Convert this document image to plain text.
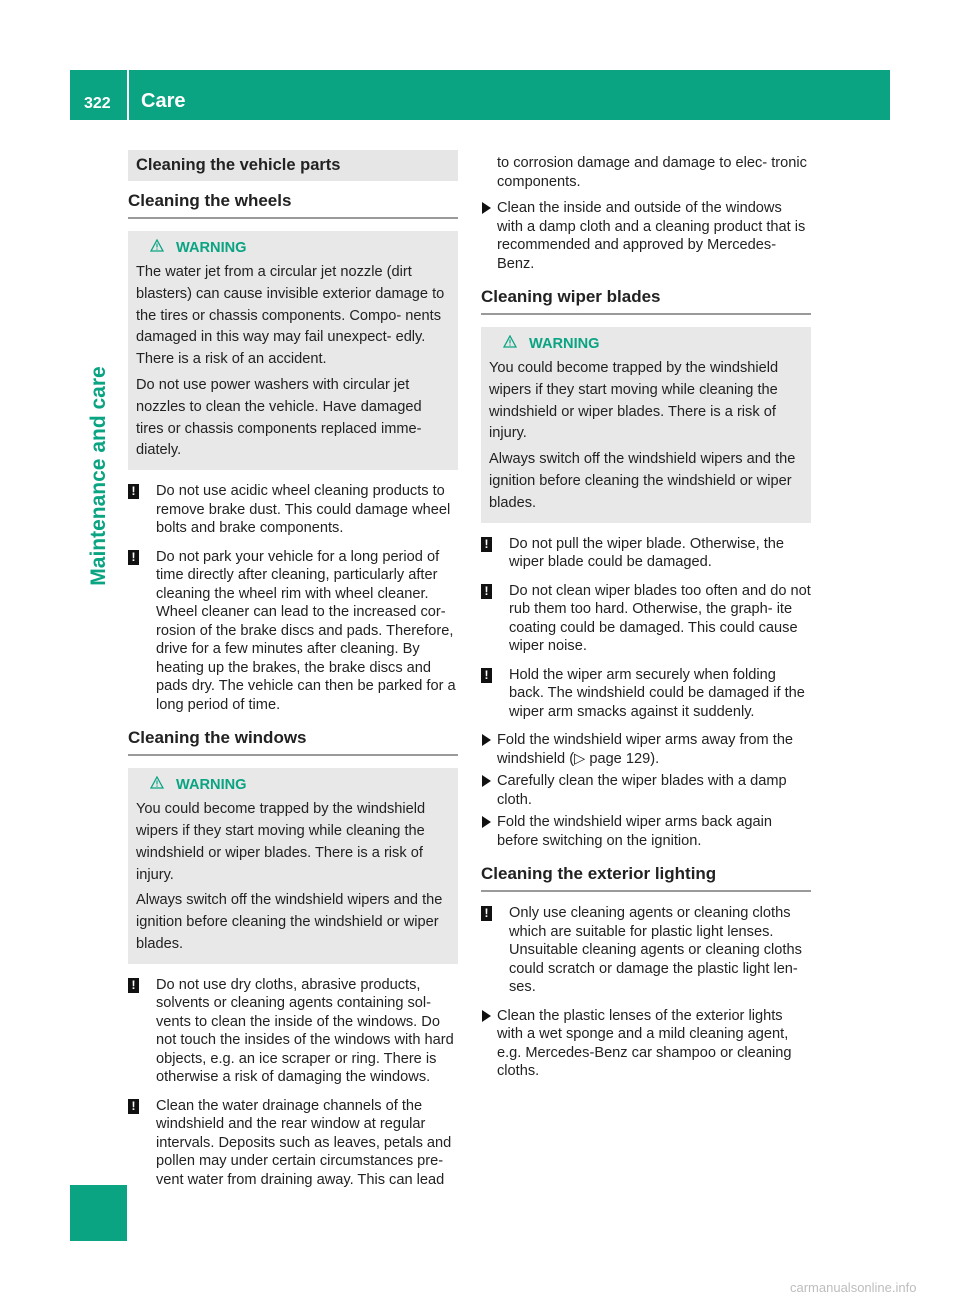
322 Care
Maintenance and care
Cleaning the vehicle parts
Cleaning the wheels
WARNING

The water jet from a circular jet nozzle (dirt blasters) can cause invisible exterior damage to the tires or chassis components. Compo- nents damaged in this way may fail unexpect- edly. There is a risk of an accident.

Do not use power washers with circular jet nozzles to clean the vehicle. Have damaged tires or chassis components replaced imme- diately.

!	Do not use acidic wheel cleaning products to remove brake dust. This could damage wheel bolts and brake components.

!	Do not park your vehicle for a long period of time directly after cleaning, particularly after cleaning the wheel rim with wheel cleaner. Wheel cleaner can lead to the increased cor- rosion of the brake discs and pads. Therefore, drive for a few minutes after cleaning. By heating up the brakes, the brake discs and pads dry. The vehicle can then be parked for a long period of time.

Cleaning the windows
WARNING

You could become trapped by the windshield wipers if they start moving while cleaning the windshield or wiper blades. There is a risk of injury.

Always switch off the windshield wipers and the ignition before cleaning the windshield or wiper blades.

!	Do not use dry cloths, abrasive products, solvents or cleaning agents containing sol- vents to clean the inside of the windows. Do not touch the insides of the windows with hard objects, e.g. an ice scraper or ring. There is otherwise a risk of damaging the windows.

!	Clean the water drainage channels of the windshield and the rear window at regular intervals. Deposits such as leaves, petals and pollen may under certain circumstances pre- vent water from draining away. This can lead

to corrosion damage and damage to elec- tronic components.

Clean the inside and outside of the windows with a damp cloth and a cleaning product that is recommended and approved by Mercedes- Benz.

Cleaning wiper blades
WARNING

You could become trapped by the windshield wipers if they start moving while cleaning the windshield or wiper blades. There is a risk of injury.

Always switch off the windshield wipers and the ignition before cleaning the windshield or wiper blades.

!	Do not pull the wiper blade. Otherwise, the wiper blade could be damaged.

!	Do not clean wiper blades too often and do not rub them too hard. Otherwise, the graph- ite coating could be damaged. This could cause wiper noise.

!	Hold the wiper arm securely when folding back. The windshield could be damaged if the wiper arm smacks against it suddenly.

Fold the windshield wiper arms away from the windshield (▷ page 129).

Carefully clean the wiper blades with a damp cloth.

Fold the windshield wiper arms back again before switching on the ignition.

Cleaning the exterior lighting
!	Only use cleaning agents or cleaning cloths which are suitable for plastic light lenses. Unsuitable cleaning agents or cleaning cloths could scratch or damage the plastic light len- ses.

Clean the plastic lenses of the exterior lights with a wet sponge and a mild cleaning agent, e.g. Mercedes-Benz car shampoo or cleaning cloths.

carmanualsonline.info
